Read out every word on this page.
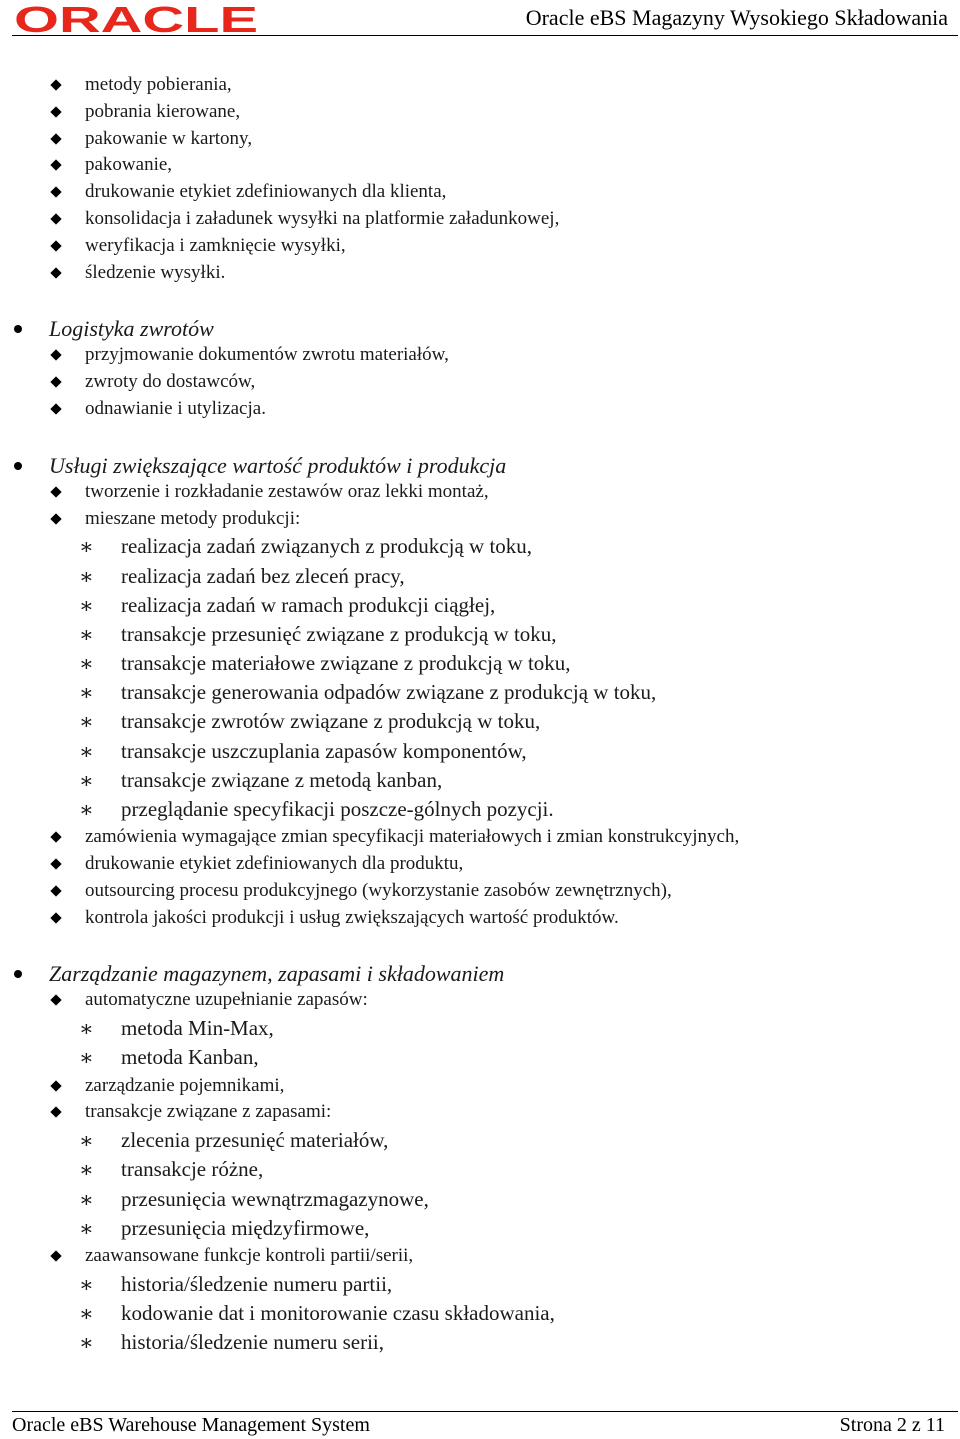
ORACLE	Oracle eBS Magazyny Wysokiego Składowania
metody pobierania,
pobrania kierowane,
pakowanie w kartony,
pakowanie,
drukowanie etykiet zdefiniowanych dla klienta,
konsolidacja i załadunek wysyłki na platformie załadunkowej,
weryfikacja i zamknięcie wysyłki,
śledzenie wysyłki.
Logistyka zwrotów
przyjmowanie dokumentów zwrotu materiałów,
zwroty do dostawców,
odnawianie i utylizacja.
Usługi zwiększające wartość produktów i produkcja
tworzenie i rozkładanie zestawów oraz lekki montaż,
mieszane metody produkcji:
∗ realizacja zadań związanych z produkcją w toku,
∗ realizacja zadań bez zleceń pracy,
∗ realizacja zadań w ramach produkcji ciągłej,
∗ transakcje przesunięć związane z produkcją w toku,
∗ transakcje materiałowe związane z produkcją w toku,
∗ transakcje generowania odpadów związane z produkcją w toku,
∗ transakcje zwrotów związane z produkcją w toku,
∗ transakcje uszczuplania zapasów komponentów,
∗ transakcje związane z metodą kanban,
∗ przeglądanie specyfikacji poszcze-gólnych pozycji.
zamówienia wymagające zmian specyfikacji materiałowych i zmian konstrukcyjnych,
drukowanie etykiet zdefiniowanych dla produktu,
outsourcing procesu produkcyjnego (wykorzystanie zasobów zewnętrznych),
kontrola jakości produkcji i usług zwiększających wartość produktów.
Zarządzanie magazynem, zapasami i składowaniem
automatyczne uzupełnianie zapasów:
∗ metoda Min-Max,
∗ metoda Kanban,
zarządzanie pojemnikami,
transakcje związane z zapasami:
∗ zlecenia przesunięć materiałów,
∗ transakcje różne,
∗ przesunięcia wewnątrzmagazynowe,
∗ przesunięcia międzyfirmowe,
zaawansowane funkcje kontroli partii/serii,
∗ historia/śledzenie numeru partii,
∗ kodowanie dat i monitorowanie czasu składowania,
∗ historia/śledzenie numeru serii,
Oracle eBS Warehouse Management System	Strona 2 z 11
